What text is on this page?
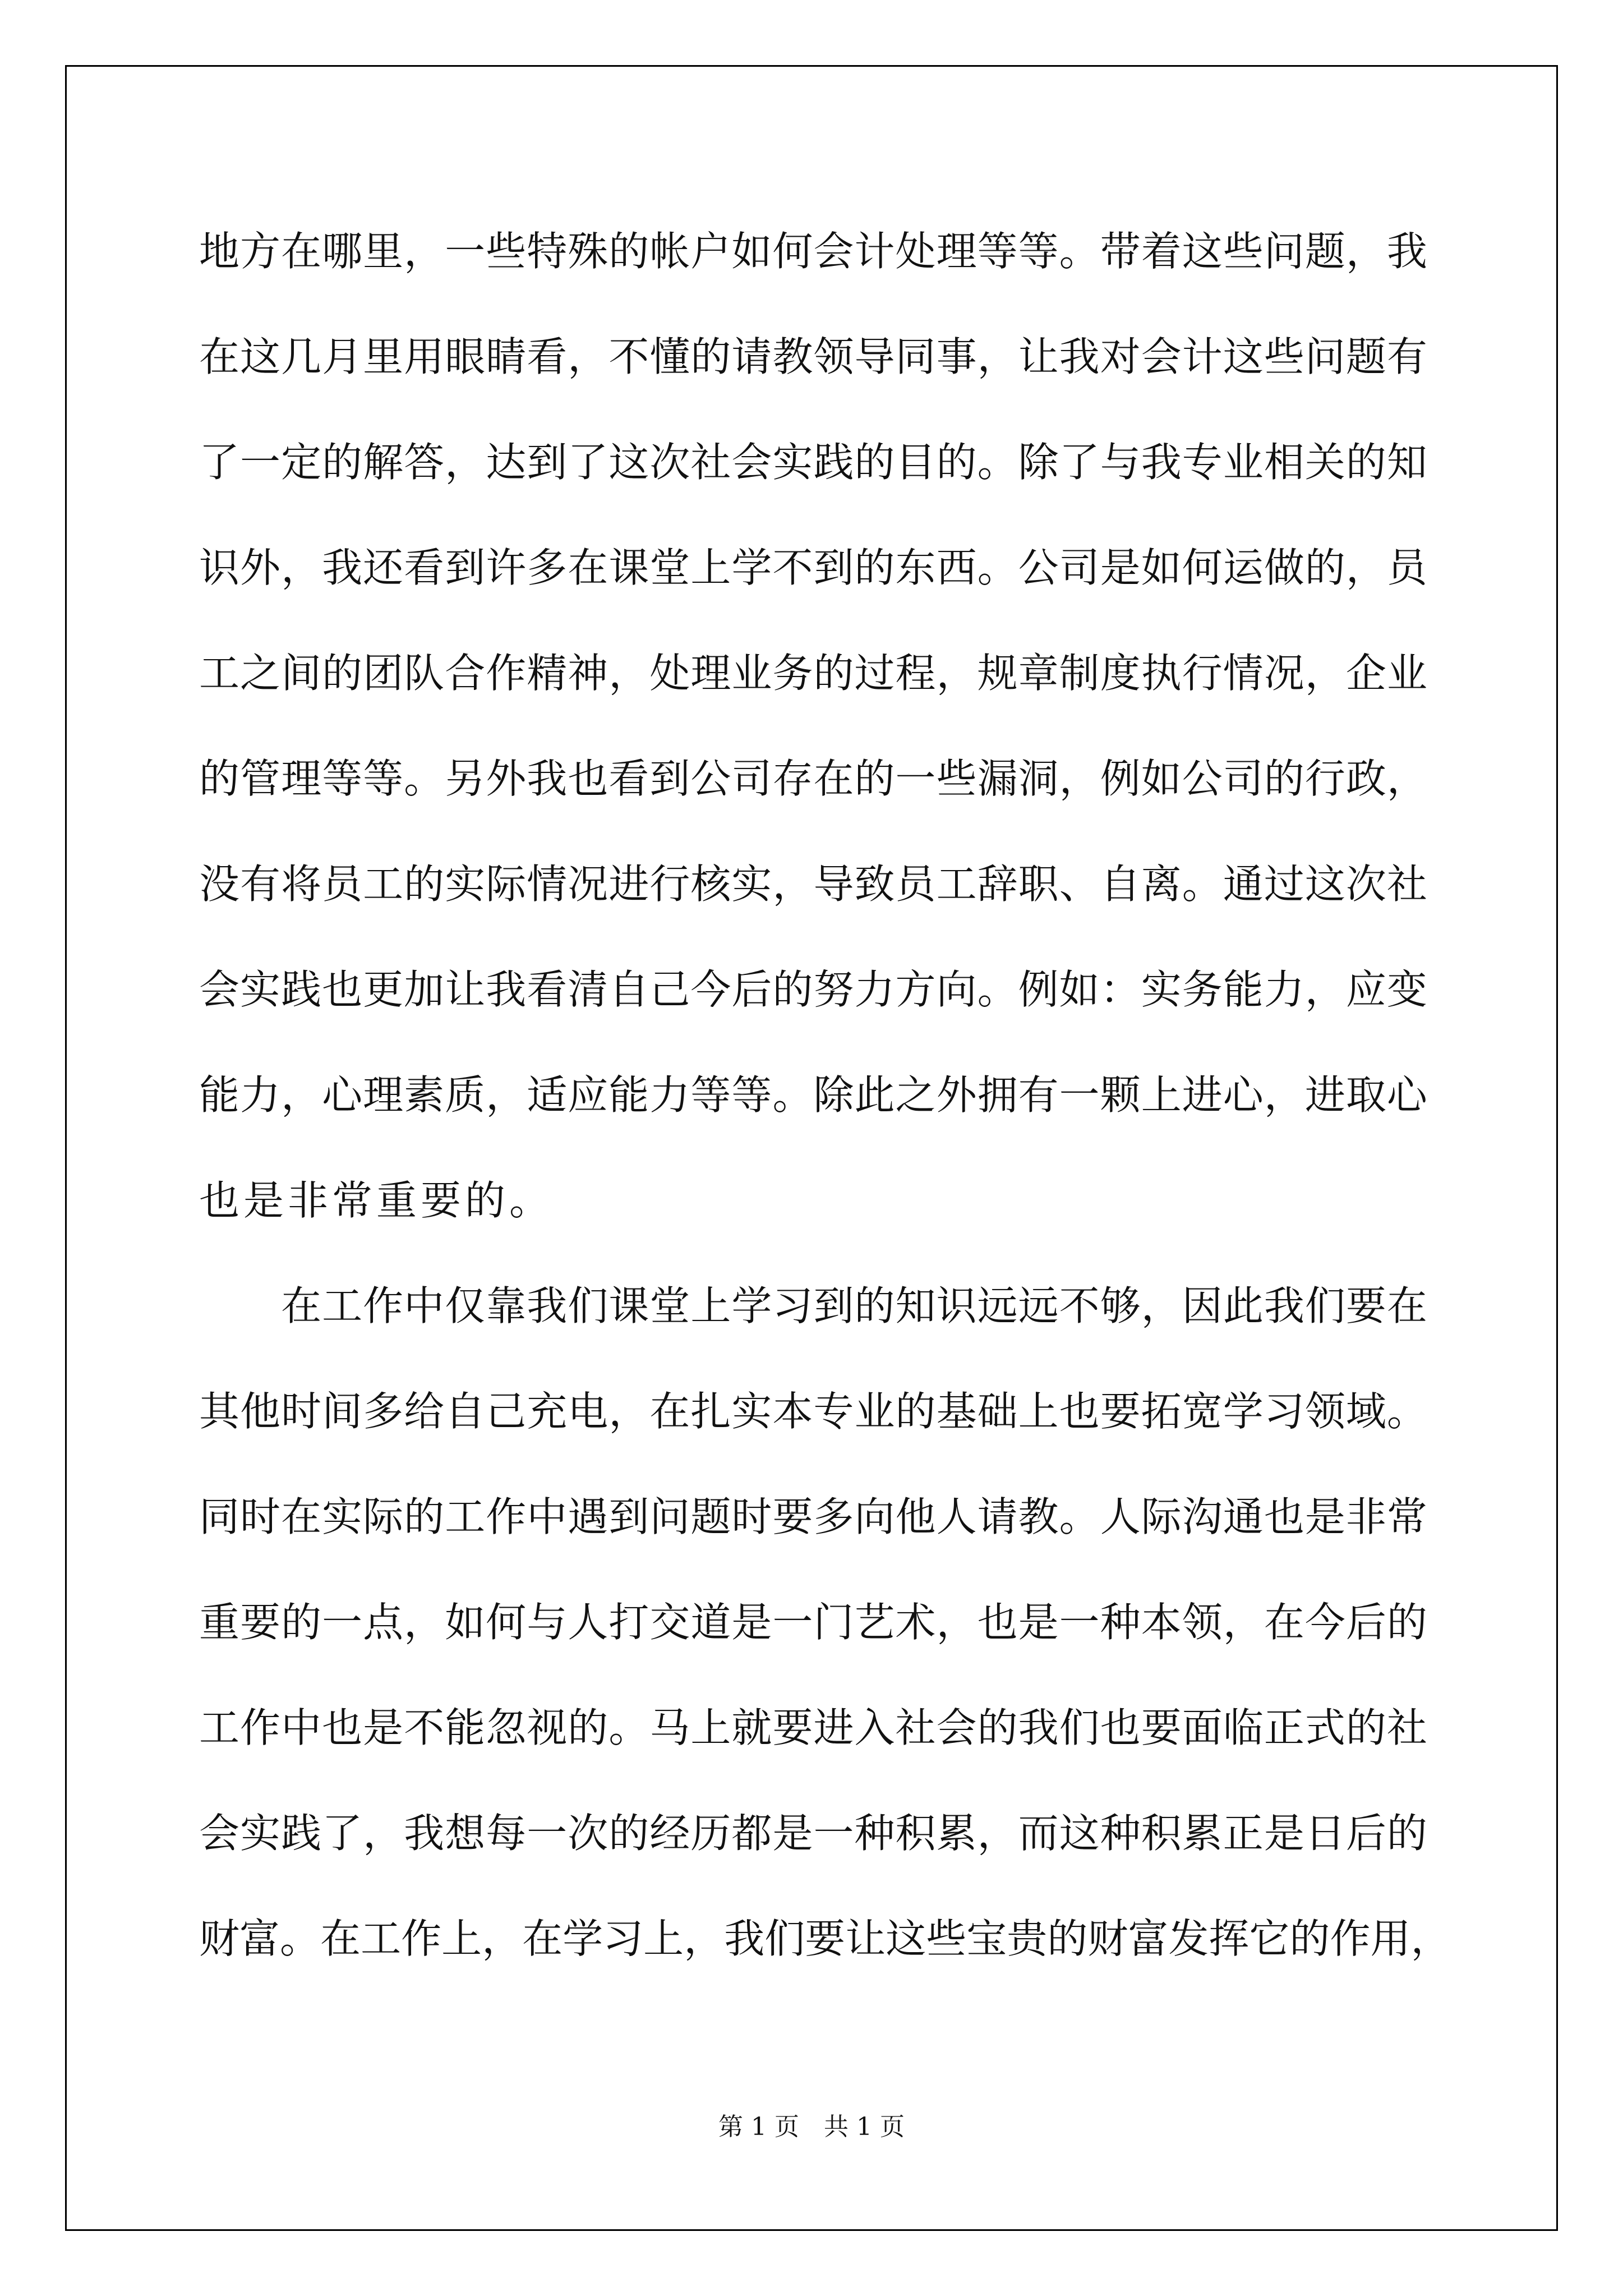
地 方 在 哪 里 ， 一 些 特 殊 的 帐 户 如 何 会 计 处 理 等 等 。 带 着 这 些 问 题 ， 我
在 这 几 月 里 用 眼 睛 看 ， 不 懂 的 请 教 领 导 同 事 ， 让 我 对 会 计 这 些 问 题 有
了 一 定 的 解 答 ， 达 到 了 这 次 社 会 实 践 的 目 的 。 除 了 与 我 专 业 相 关 的 知
识 外 ， 我 还 看 到 许 多 在 课 堂 上 学 不 到 的 东 西 。 公 司 是 如 何 运 做 的 ， 员
工 之 间 的 团 队 合 作 精 神 ， 处 理 业 务 的 过 程 ， 规 章 制 度 执 行 情 况 ， 企 业
的 管 理 等 等 。 另 外 我 也 看 到 公 司 存 在 的 一 些 漏 洞 ， 例 如 公 司 的 行 政 ，
没 有 将 员 工 的 实 际 情 况 进 行 核 实 ， 导 致 员 工 辞 职 、 自 离 。 通 过 这 次 社
会 实 践 也 更 加 让 我 看 清 自 己 今 后 的 努 力 方 向 。 例 如 ： 实 务 能 力 ， 应 变
能 力 ， 心 理 素 质 ， 适 应 能 力 等 等 。 除 此 之 外 拥 有 一 颗 上 进 心 ， 进 取 心
也是非常重要的。

在 工 作 中 仅 靠 我 们 课 堂 上 学 习 到 的 知 识 远 远 不 够 ， 因 此 我 们 要 在
其 他 时 间 多 给 自 己 充 电 ， 在 扎 实 本 专 业 的 基 础 上 也 要 拓 宽 学 习 领 域 。
同 时 在 实 际 的 工 作 中 遇 到 问 题 时 要 多 向 他 人 请 教 。 人 际 沟 通 也 是 非 常
重 要 的 一 点 ， 如 何 与 人 打 交 道 是 一 门 艺 术 ， 也 是 一 种 本 领 ， 在 今 后 的
工 作 中 也 是 不 能 忽 视 的 。 马 上 就 要 进 入 社 会 的 我 们 也 要 面 临 正 式 的 社
会 实 践 了 ， 我 想 每 一 次 的 经 历 都 是 一 种 积 累 ， 而 这 种 积 累 正 是 日 后 的
财 富 。 在 工 作 上 ， 在 学 习 上 ， 我 们 要 让 这 些 宝 贵 的 财 富 发 挥 它 的 作 用 ，
第 1 页　共 1 页
